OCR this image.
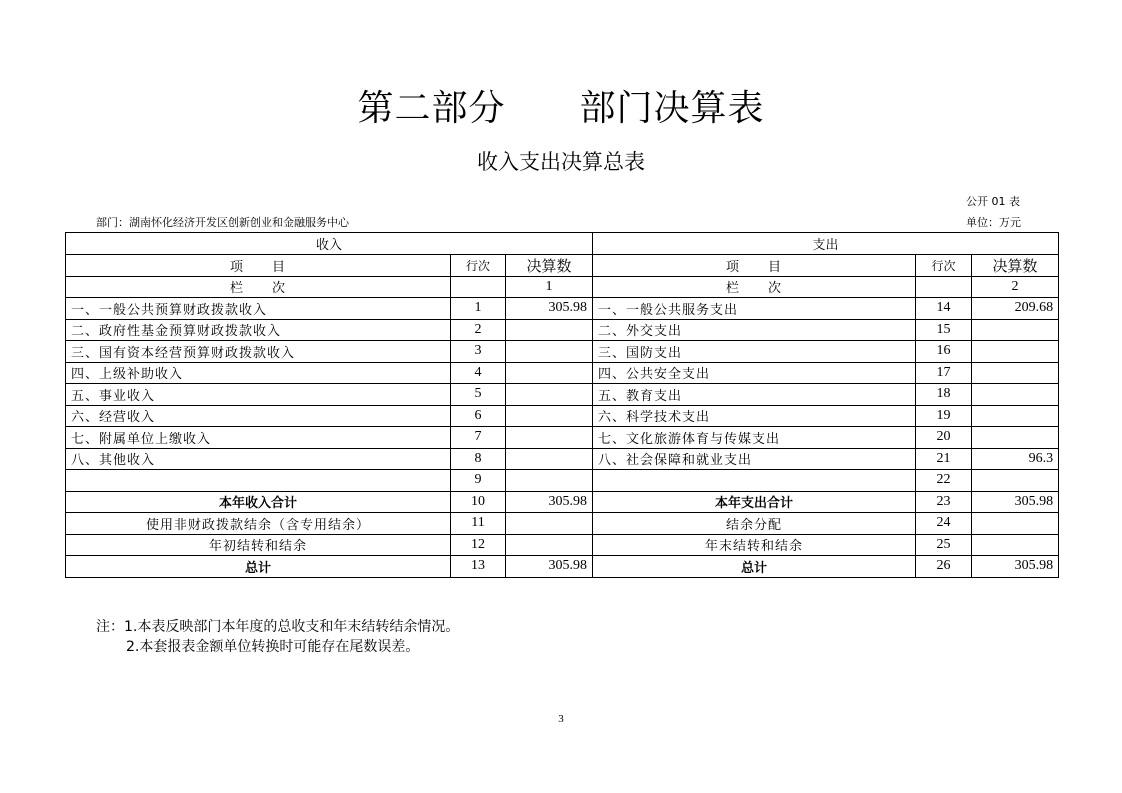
第二部分　　部门决算表
收入支出决算总表
公开 01 表
部门：湖南怀化经济开发区创新创业和金融服务中心	单位：万元
收入			支出		
项　　目	行次	决算数	项　　目	行次	决算数
栏　　次		1	栏　　次		2
一、一般公共预算财政拨款收入	1	305.98	一、一般公共服务支出	14	209.68
二、政府性基金预算财政拨款收入	2		二、外交支出	15	
三、国有资本经营预算财政拨款收入	3		三、国防支出	16	
四、上级补助收入	4		四、公共安全支出	17	
五、事业收入	5		五、教育支出	18	
六、经营收入	6		六、科学技术支出	19	
七、附属单位上缴收入	7		七、文化旅游体育与传媒支出	20	
八、其他收入	8		八、社会保障和就业支出	21	96.3
	9			22	
本年收入合计	10	305.98	本年支出合计	23	305.98
使用非财政拨款结余（含专用结余）	11		结余分配	24	
年初结转和结余	12		年末结转和结余	25	
总计	13	305.98	总计	26	305.98
注：1.本表反映部门本年度的总收支和年末结转结余情况。
2.本套报表金额单位转换时可能存在尾数误差。
3
